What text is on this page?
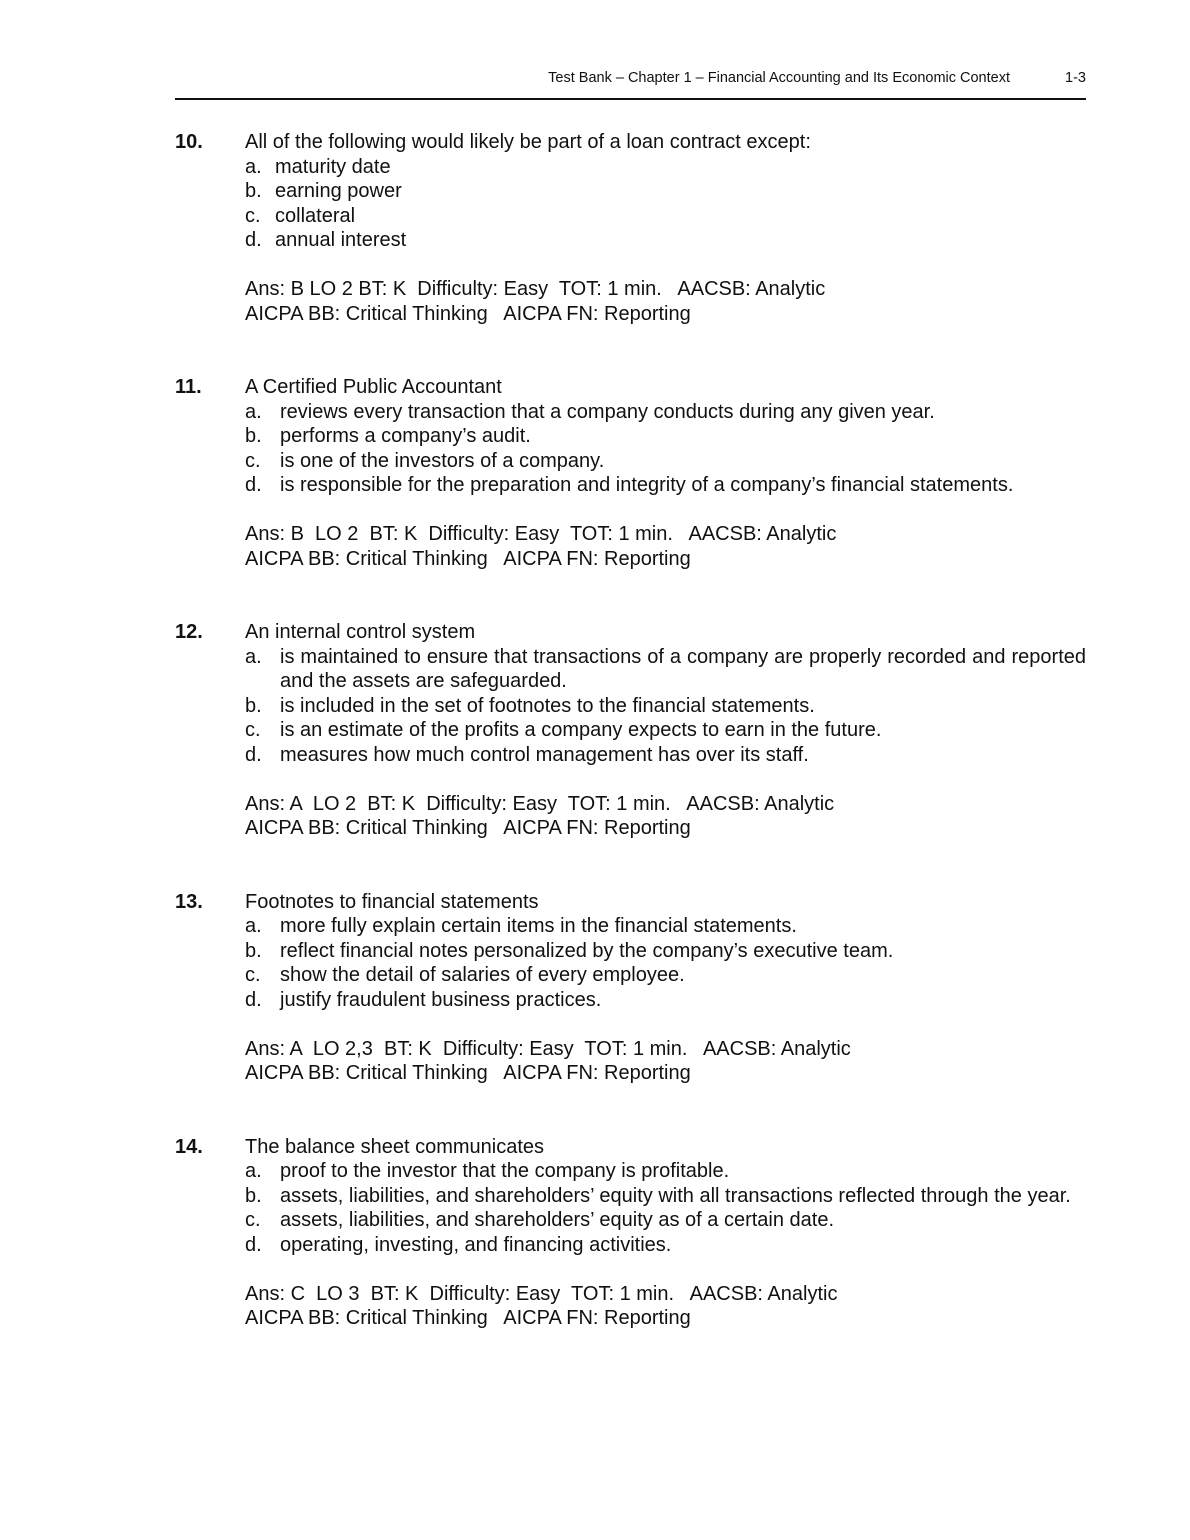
Test Bank – Chapter 1 – Financial Accounting and Its Economic Context	1-3
10. All of the following would likely be part of a loan contract except:
a. maturity date
b. earning power
c. collateral
d. annual interest
Ans: B LO 2 BT: K  Difficulty: Easy  TOT: 1 min.   AACSB: Analytic
AICPA BB: Critical Thinking   AICPA FN: Reporting
11. A Certified Public Accountant
a. reviews every transaction that a company conducts during any given year.
b. performs a company’s audit.
c. is one of the investors of a company.
d. is responsible for the preparation and integrity of a company’s financial statements.
Ans: B  LO 2  BT: K  Difficulty: Easy  TOT: 1 min.   AACSB: Analytic
AICPA BB: Critical Thinking   AICPA FN: Reporting
12. An internal control system
a. is maintained to ensure that transactions of a company are properly recorded and reported and the assets are safeguarded.
b. is included in the set of footnotes to the financial statements.
c. is an estimate of the profits a company expects to earn in the future.
d. measures how much control management has over its staff.
Ans: A  LO 2  BT: K  Difficulty: Easy  TOT: 1 min.   AACSB: Analytic
AICPA BB: Critical Thinking   AICPA FN: Reporting
13. Footnotes to financial statements
a. more fully explain certain items in the financial statements.
b. reflect financial notes personalized by the company’s executive team.
c. show the detail of salaries of every employee.
d. justify fraudulent business practices.
Ans: A  LO 2,3  BT: K  Difficulty: Easy  TOT: 1 min.   AACSB: Analytic
AICPA BB: Critical Thinking   AICPA FN: Reporting
14. The balance sheet communicates
a. proof to the investor that the company is profitable.
b. assets, liabilities, and shareholders’ equity with all transactions reflected through the year.
c. assets, liabilities, and shareholders’ equity as of a certain date.
d. operating, investing, and financing activities.
Ans: C  LO 3  BT: K  Difficulty: Easy  TOT: 1 min.   AACSB: Analytic
AICPA BB: Critical Thinking   AICPA FN: Reporting
